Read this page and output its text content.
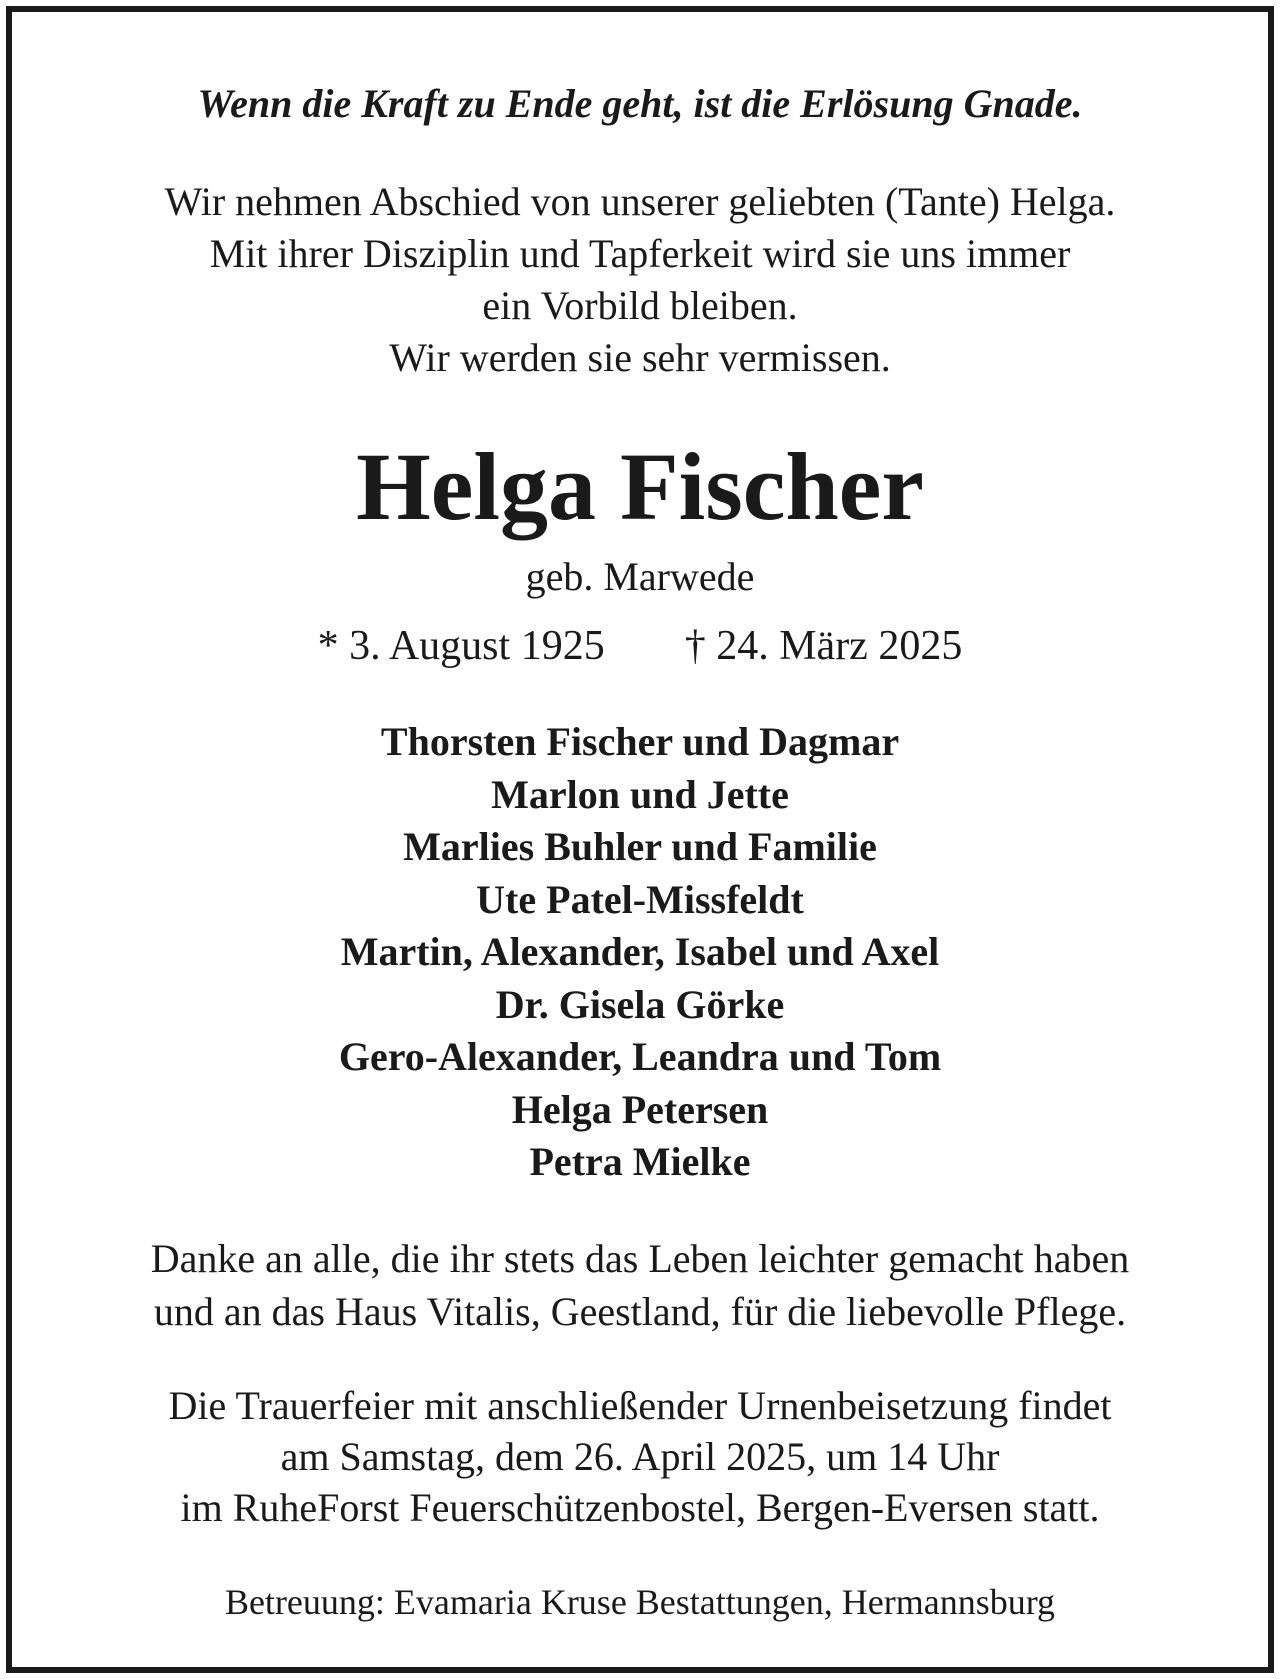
Wenn die Kraft zu Ende geht, ist die Erlösung Gnade.
Wir nehmen Abschied von unserer geliebten (Tante) Helga.
Mit ihrer Disziplin und Tapferkeit wird sie uns immer
ein Vorbild bleiben.
Wir werden sie sehr vermissen.
Helga Fischer
geb. Marwede
* 3. August 1925 † 24. März 2025
Thorsten Fischer und Dagmar
Marlon und Jette
Marlies Buhler und Familie
Ute Patel-Missfeldt
Martin, Alexander, Isabel und Axel
Dr. Gisela Görke
Gero-Alexander, Leandra und Tom
Helga Petersen
Petra Mielke
Danke an alle, die ihr stets das Leben leichter gemacht haben
und an das Haus Vitalis, Geestland, für die liebevolle Pflege.
Die Trauerfeier mit anschließender Urnenbeisetzung findet
am Samstag, dem 26. April 2025, um 14 Uhr
im RuheForst Feuerschützenbostel, Bergen-Eversen statt.
Betreuung: Evamaria Kruse Bestattungen, Hermannsburg
